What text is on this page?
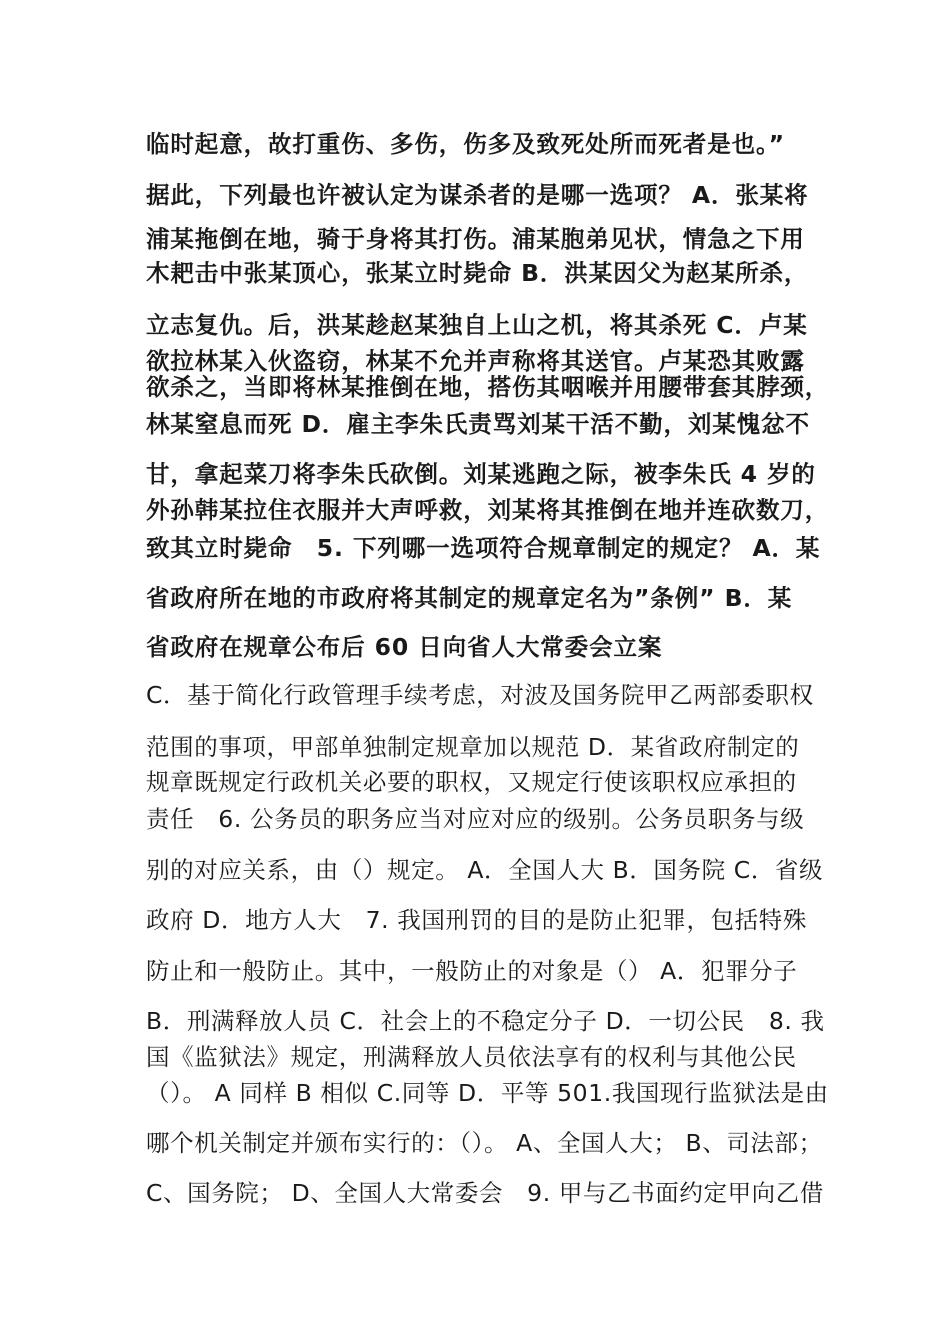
临时起意，故打重伤、多伤，伤多及致死处所而死者是也。”
据此，下列最也许被认定为谋杀者的是哪一选项？ A．张某将
浦某拖倒在地，骑于身将其打伤。浦某胞弟见状，情急之下用
木耙击中张某顶心，张某立时毙命 B．洪某因父为赵某所杀，
立志复仇。后，洪某趁赵某独自上山之机，将其杀死 C．卢某
欲拉林某入伙盗窃，林某不允并声称将其送官。卢某恐其败露
欲杀之，当即将林某推倒在地，搭伤其咽喉并用腰带套其脖颈，
林某窒息而死 D．雇主李朱氏责骂刘某干活不勤，刘某愧忿不
甘，拿起菜刀将李朱氏砍倒。刘某逃跑之际，被李朱氏 4 岁的
外孙韩某拉住衣服并大声呼救，刘某将其推倒在地并连砍数刀，
致其立时毙命　5. 下列哪一选项符合规章制定的规定？ A．某
省政府所在地的市政府将其制定的规章定名为”条例” B．某
省政府在规章公布后 60 日向省人大常委会立案
C．基于简化行政管理手续考虑，对波及国务院甲乙两部委职权
范围的事项，甲部单独制定规章加以规范 D．某省政府制定的
规章既规定行政机关必要的职权，又规定行使该职权应承担的
责任　6. 公务员的职务应当对应对应的级别。公务员职务与级
别的对应关系，由（）规定。 A．全国人大 B．国务院 C．省级
政府 D．地方人大　7. 我国刑罚的目的是防止犯罪，包括特殊
防止和一般防止。其中，一般防止的对象是（） A．犯罪分子
B．刑满释放人员 C．社会上的不稳定分子 D．一切公民　8. 我
国《监狱法》规定，刑满释放人员依法享有的权利与其他公民
（）。 A 同样 B 相似 C.同等 D．平等 501.我国现行监狱法是由
哪个机关制定并颁布实行的：（）。 A、全国人大； B、司法部；
C、国务院； D、全国人大常委会　9. 甲与乙书面约定甲向乙借
